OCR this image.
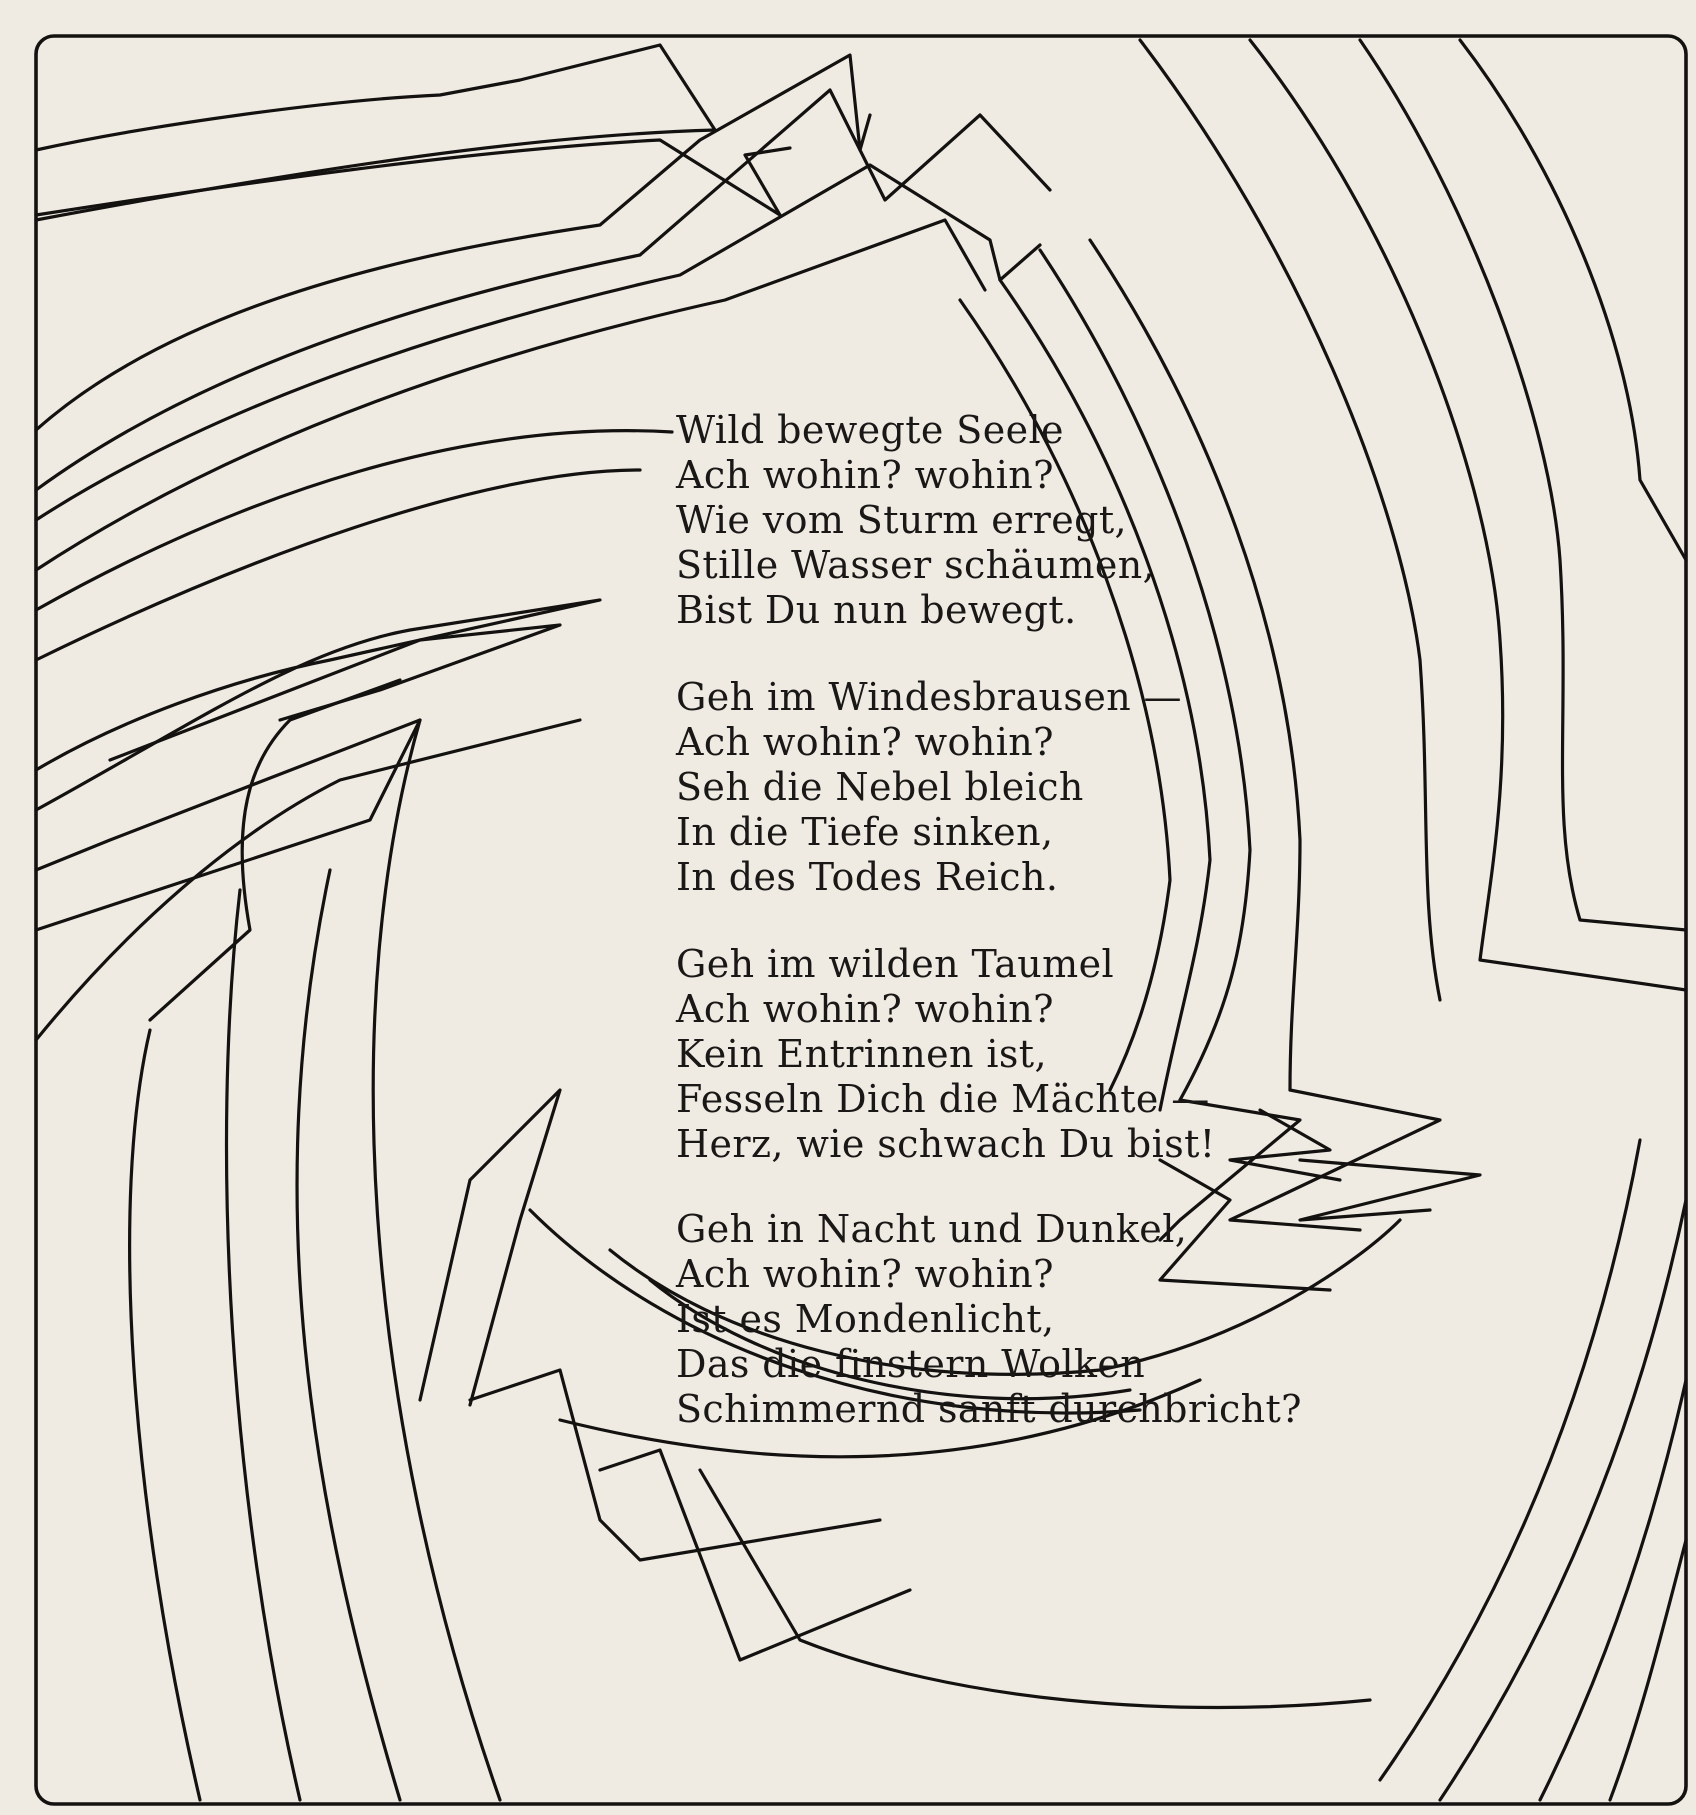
Wild bewegte Seele
Ach wohin? wohin?
Wie vom Sturm erregt,
Stille Wasser schäumen,
Bist Du nun bewegt.
Geh im Windesbrausen —
Ach wohin? wohin?
Seh die Nebel bleich
In die Tiefe sinken,
In des Todes Reich.
Geh im wilden Taumel
Ach wohin? wohin?
Kein Entrinnen ist,
Fesseln Dich die Mächte —
Herz, wie schwach Du bist!
Geh in Nacht und Dunkel,
Ach wohin? wohin?
Ist es Mondenlicht,
Das die finstern Wolken
Schimmernd sanft durchbricht?
